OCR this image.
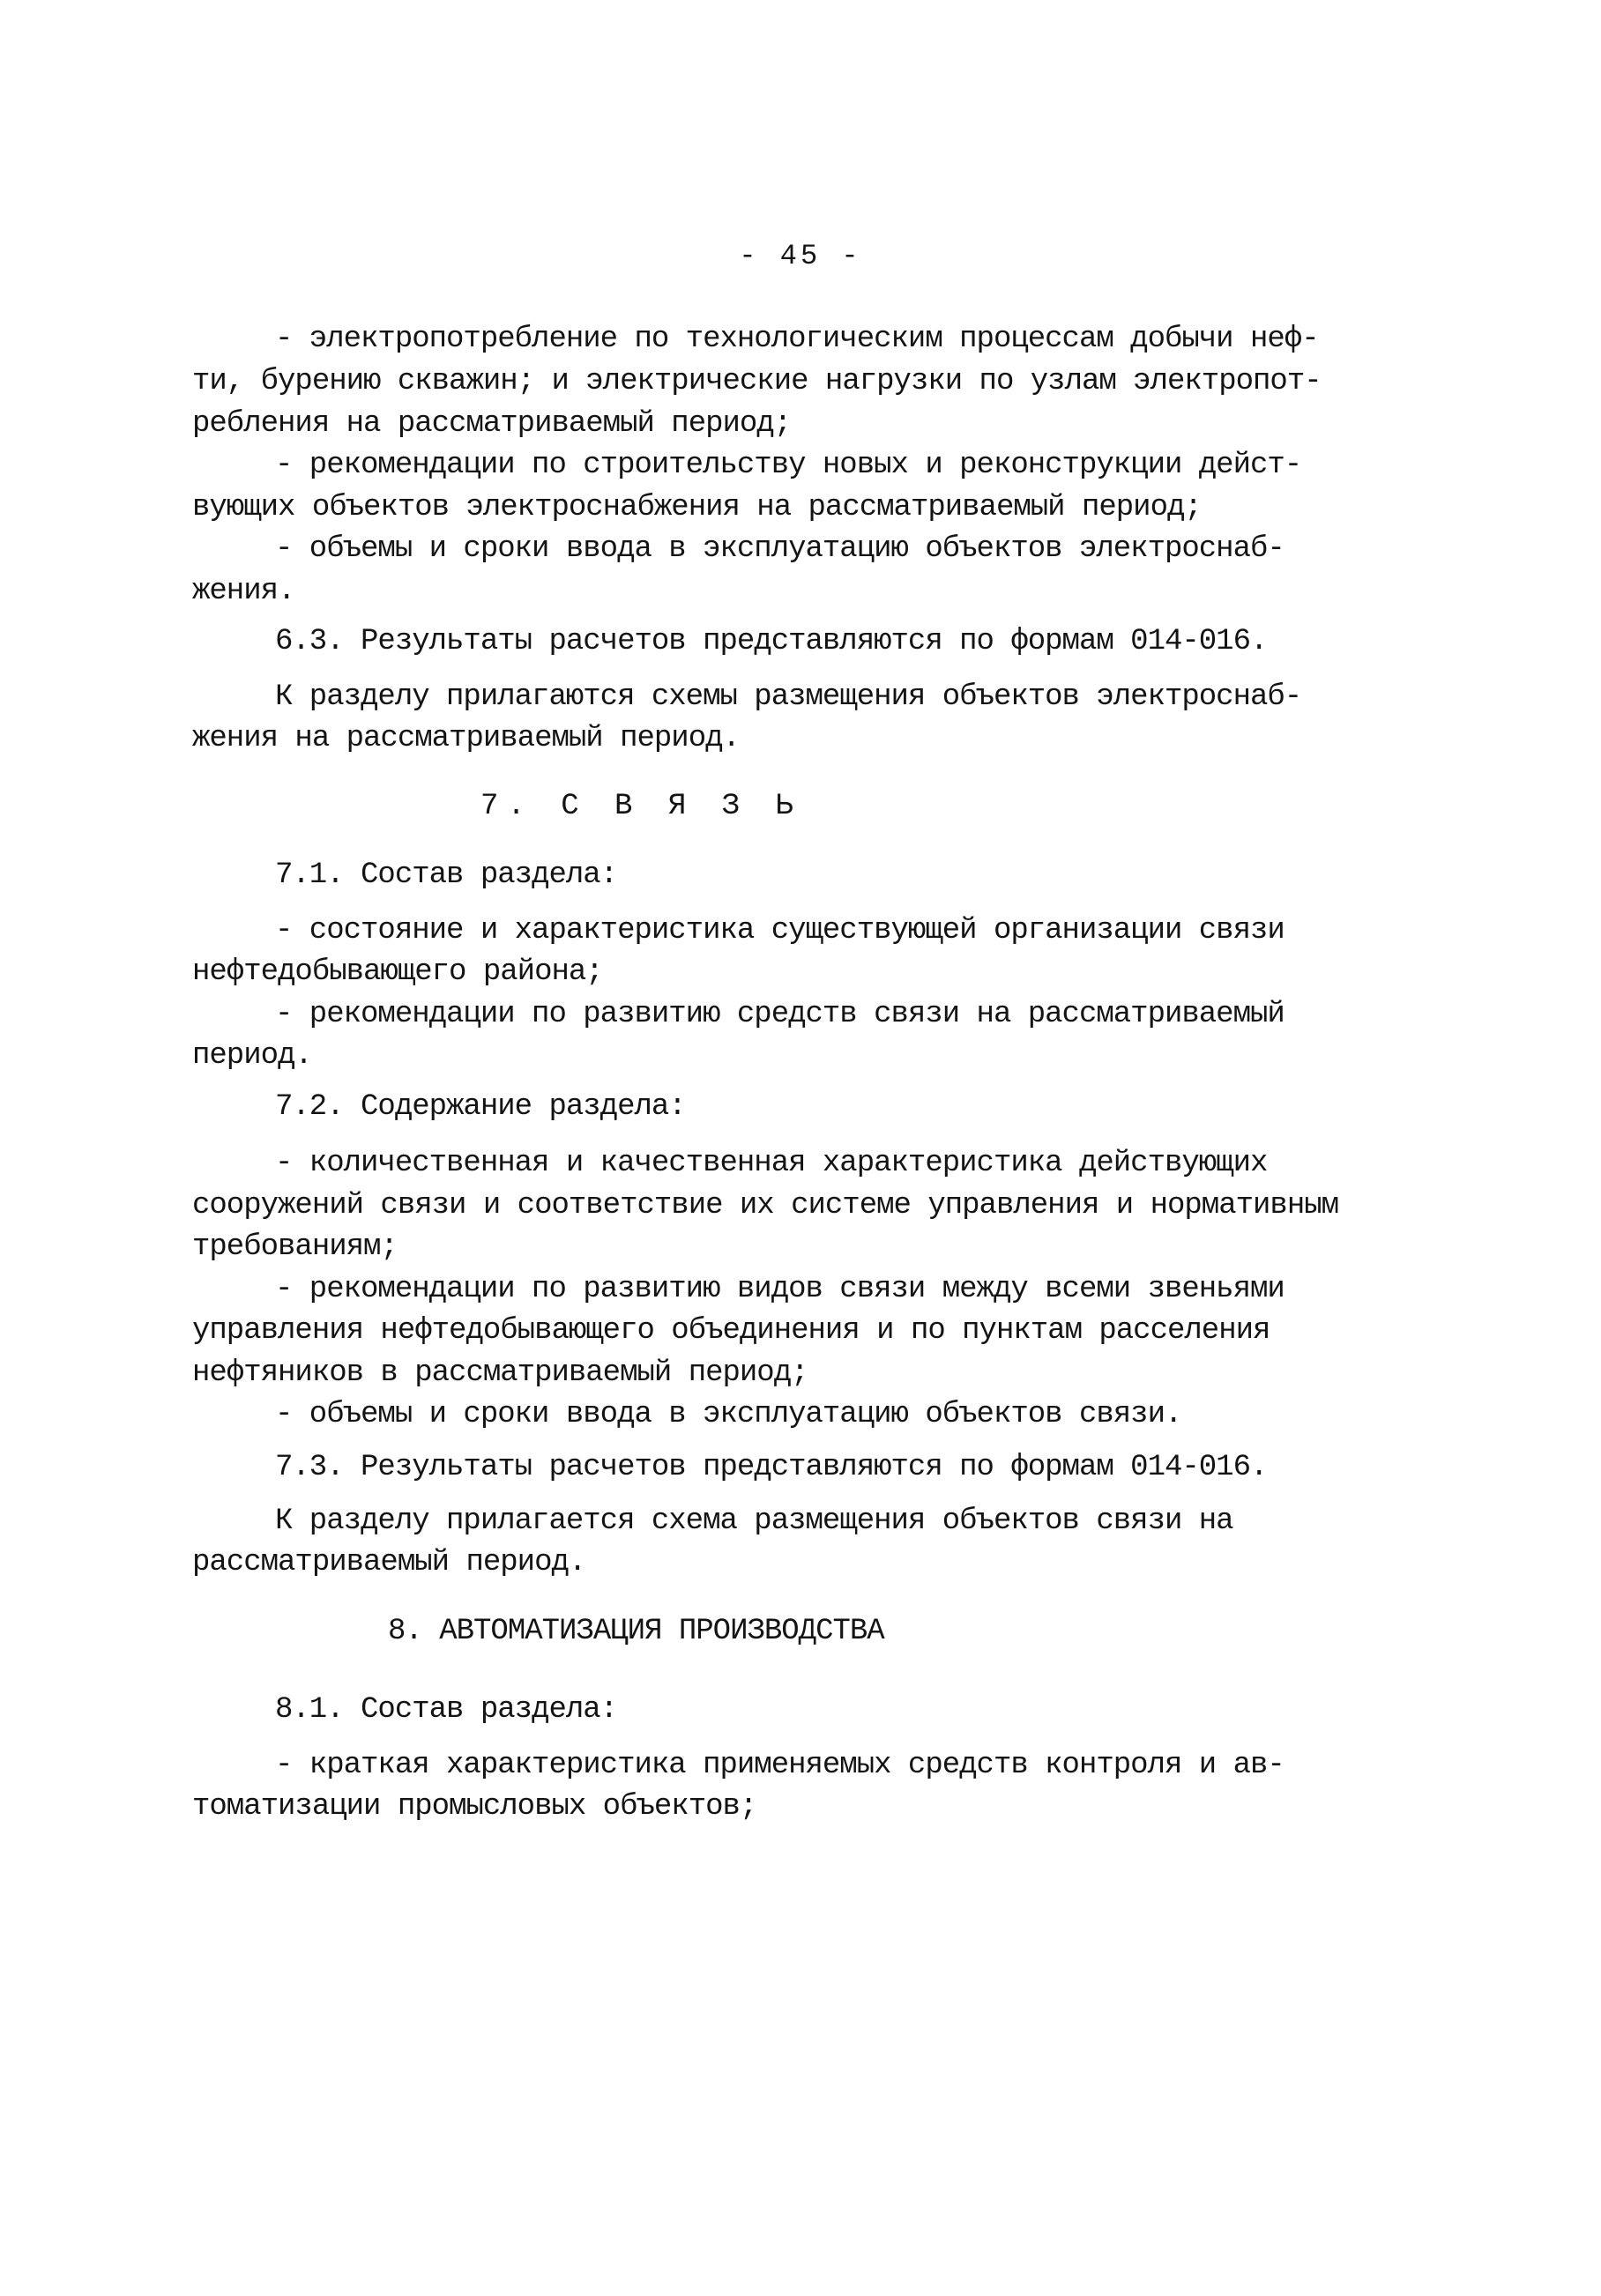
- 45 -
- электропотребление по технологическим процессам добычи неф-
ти, бурению скважин; и электрические нагрузки по узлам электропот-
ребления на рассматриваемый период;
- рекомендации по строительству новых и реконструкции дейст-
вующих объектов электроснабжения на рассматриваемый период;
- объемы и сроки ввода в эксплуатацию объектов электроснаб-
жения.
6.3. Результаты расчетов представляются по формам 014-016.
К разделу прилагаются схемы размещения объектов электроснаб-
жения на рассматриваемый период.
7. С В Я З Ь
7.1. Состав раздела:
- состояние и характеристика существующей организации связи
нефтедобывающего района;
- рекомендации по развитию средств связи на рассматриваемый
период.
7.2. Содержание раздела:
- количественная и качественная характеристика действующих
сооружений связи и соответствие их системе управления и нормативным
требованиям;
- рекомендации по развитию видов связи между всеми звеньями
управления нефтедобывающего объединения и по пунктам расселения
нефтяников в рассматриваемый период;
- объемы и сроки ввода в эксплуатацию объектов связи.
7.3. Результаты расчетов представляются по формам 014-016.
К разделу прилагается схема размещения объектов связи на
рассматриваемый период.
8. АВТОМАТИЗАЦИЯ ПРОИЗВОДСТВА
8.1. Состав раздела:
- краткая характеристика применяемых средств контроля и ав-
томатизации промысловых объектов;
